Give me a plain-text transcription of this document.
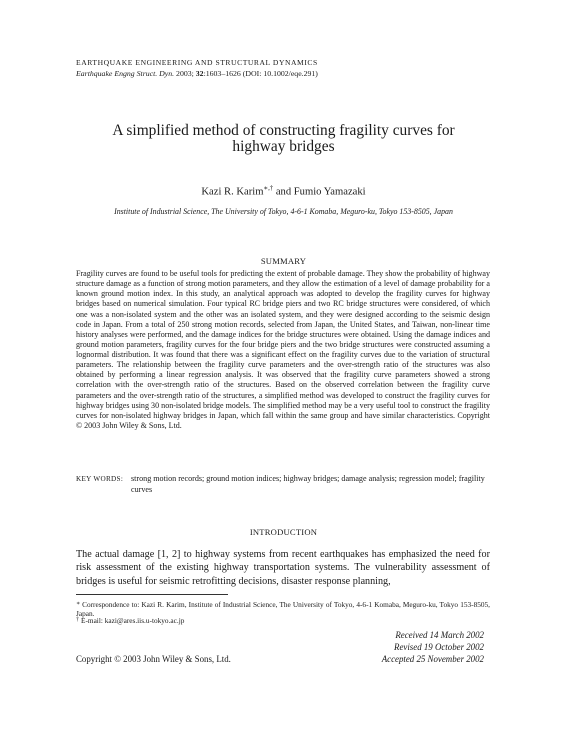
EARTHQUAKE ENGINEERING AND STRUCTURAL DYNAMICS
Earthquake Engng Struct. Dyn. 2003; 32:1603–1626 (DOI: 10.1002/eqe.291)
A simplified method of constructing fragility curves for
highway bridges
Kazi R. Karim∗,† and Fumio Yamazaki
Institute of Industrial Science, The University of Tokyo, 4-6-1 Komaba, Meguro-ku, Tokyo 153-8505, Japan
SUMMARY

Fragility curves are found to be useful tools for predicting the extent of probable damage. They show the probability of highway structure damage as a function of strong motion parameters, and they allow the estimation of a level of damage probability for a known ground motion index. In this study, an analytical approach was adopted to develop the fragility curves for highway bridges based on numerical simulation. Four typical RC bridge piers and two RC bridge structures were considered, of which one was a non-isolated system and the other was an isolated system, and they were designed according to the seismic design code in Japan. From a total of 250 strong motion records, selected from Japan, the United States, and Taiwan, non-linear time history analyses were performed, and the damage indices for the bridge structures were obtained. Using the damage indices and ground motion parameters, fragility curves for the four bridge piers and the two bridge structures were constructed assuming a lognormal distribution. It was found that there was a significant effect on the fragility curves due to the variation of structural parameters. The relationship between the fragility curve parameters and the over-strength ratio of the structures was also obtained by performing a linear regression analysis. It was observed that the fragility curve parameters showed a strong correlation with the over-strength ratio of the structures. Based on the observed correlation between the fragility curve parameters and the over-strength ratio of the structures, a simplified method was developed to construct the fragility curves for highway bridges using 30 non-isolated bridge models. The simplified method may be a very useful tool to construct the fragility curves for non-isolated highway bridges in Japan, which fall within the same group and have similar characteristics. Copyright © 2003 John Wiley & Sons, Ltd.

KEY WORDS: strong motion records; ground motion indices; highway bridges; damage analysis; regression model; fragility curves
INTRODUCTION

The actual damage [1, 2] to highway systems from recent earthquakes has emphasized the need for risk assessment of the existing highway transportation systems. The vulnerability assessment of bridges is useful for seismic retrofitting decisions, disaster response planning,

∗ Correspondence to: Kazi R. Karim, Institute of Industrial Science, The University of Tokyo, 4-6-1 Komaba, Meguro-ku, Tokyo 153-8505, Japan.
† E-mail: kazi@ares.iis.u-tokyo.ac.jp
Received 14 March 2002
Revised 19 October 2002
Accepted 25 November 2002
Copyright © 2003 John Wiley & Sons, Ltd.
